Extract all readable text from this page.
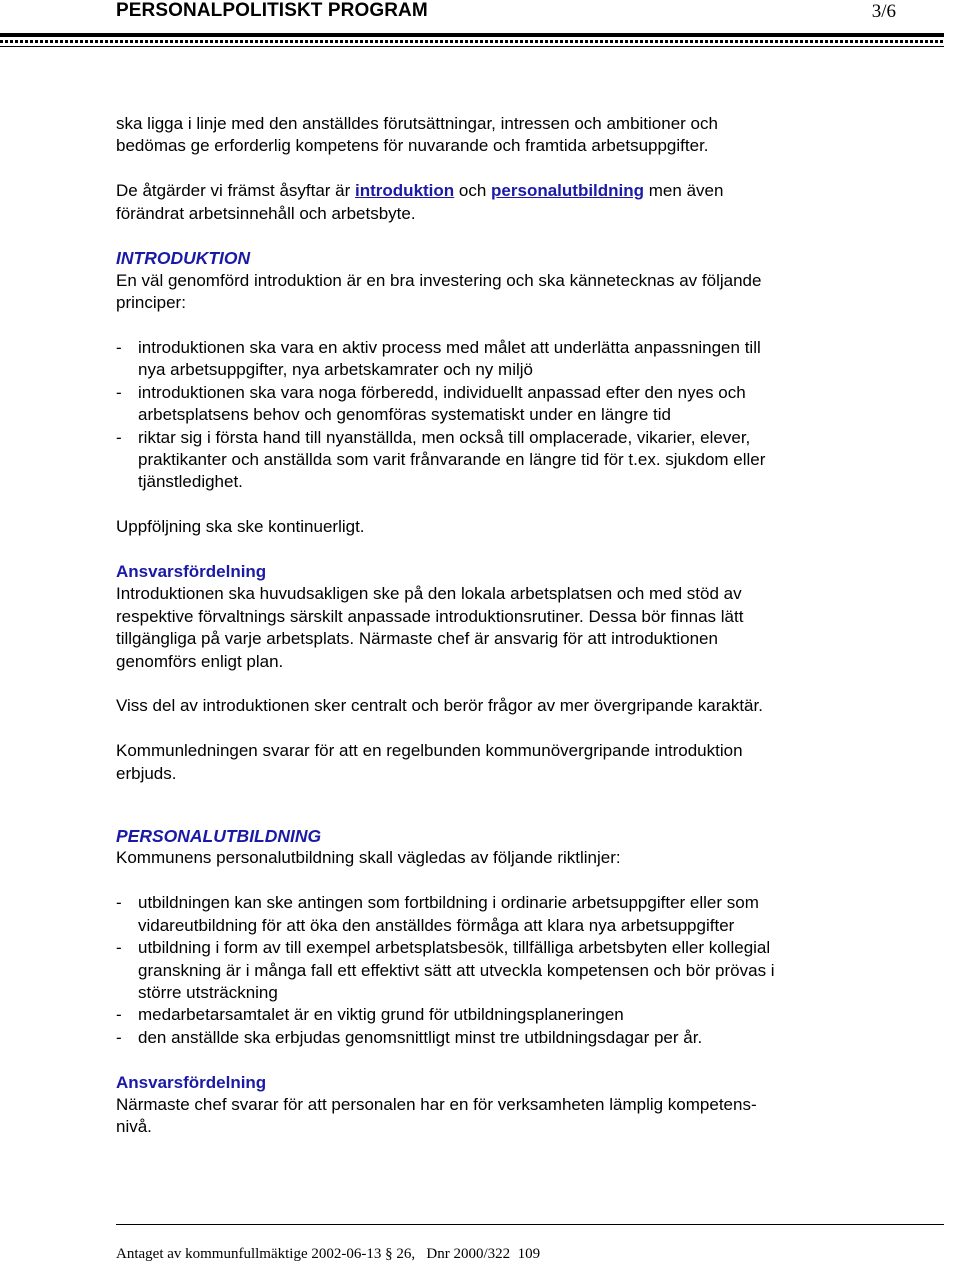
PERSONALPOLITISKT PROGRAM	3/6

ska ligga i linje med den anställdes förutsättningar, intressen och ambitioner och
bedömas ge erforderlig kompetens för nuvarande och framtida arbetsuppgifter.

De åtgärder vi främst åsyftar är introduktion och personalutbildning men även
förändrat arbetsinnehåll och arbetsbyte.

INTRODUKTION

En väl genomförd introduktion är en bra investering och ska kännetecknas av följande
principer:

- introduktionen ska vara en aktiv process med målet att underlätta anpassningen till
nya arbetsuppgifter, nya arbetskamrater och ny miljö
- introduktionen ska vara noga förberedd, individuellt anpassad efter den nyes och
arbetsplatsens behov och genomföras systematiskt under en längre tid
- riktar sig i första hand till nyanställda, men också till omplacerade, vikarier, elever,
praktikanter och anställda som varit frånvarande en längre tid för t.ex. sjukdom eller
tjänstledighet.

Uppföljning ska ske kontinuerligt.

Ansvarsfördelning

Introduktionen ska huvudsakligen ske på den lokala arbetsplatsen och med stöd av
respektive förvaltnings särskilt anpassade introduktionsrutiner. Dessa bör finnas lätt
tillgängliga på varje arbetsplats. Närmaste chef är ansvarig för att introduktionen
genomförs enligt plan.

Viss del av introduktionen sker centralt och berör frågor av mer övergripande karaktär.

Kommunledningen svarar för att en regelbunden kommunövergripande introduktion
erbjuds.

PERSONALUTBILDNING

Kommunens personalutbildning skall vägledas av följande riktlinjer:

- utbildningen kan ske antingen som fortbildning i ordinarie arbetsuppgifter eller som
vidareutbildning för att öka den anställdes förmåga att klara nya arbetsuppgifter
- utbildning i form av till exempel arbetsplatsbesök, tillfälliga arbetsbyten eller kollegial
granskning är i många fall ett effektivt sätt att utveckla kompetensen och bör prövas i
större utsträckning
- medarbetarsamtalet är en viktig grund för utbildningsplaneringen
- den anställde ska erbjudas genomsnittligt minst tre utbildningsdagar per år.

Ansvarsfördelning

Närmaste chef svarar för att personalen har en för verksamheten lämplig kompetens-
nivå.

Antaget av kommunfullmäktige 2002-06-13 § 26,   Dnr 2000/322  109
